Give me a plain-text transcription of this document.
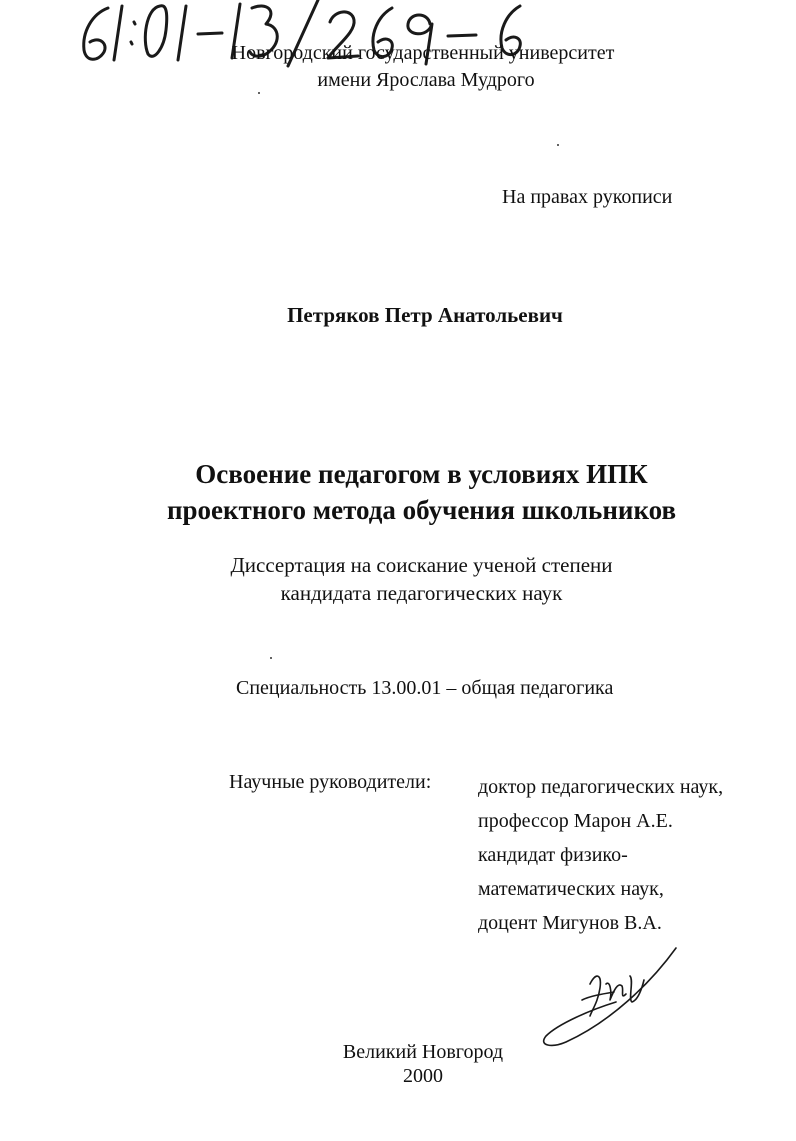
Новгородский государственный университет
имени Ярослава Мудрого
На правах рукописи
Петряков Петр Анатольевич
Освоение педагогом в условиях ИПК
проектного метода обучения школьников
Диссертация на соискание ученой степени
кандидата педагогических наук
Специальность 13.00.01 – общая педагогика
Научные руководители: доктор педагогических наук,
профессор Марон А.Е.
кандидат физико-
математических наук,
доцент Мигунов В.А.
Великий Новгород
2000
